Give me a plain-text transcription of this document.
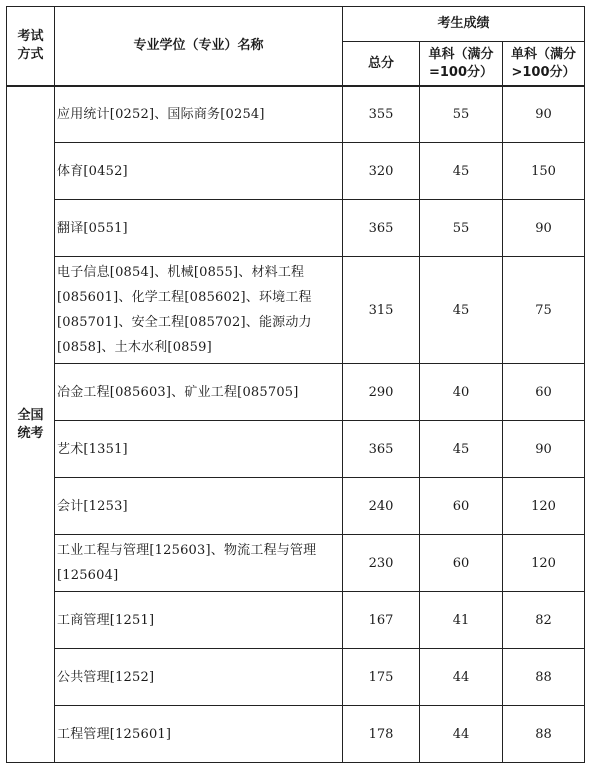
考试方式	专业学位（专业）名称	考生成绩		
		总分	单科（满分=100分）	单科（满分>100分）
全国统考	应用统计[0252]、国际商务[0254]	355	55	90
	体育[0452]	320	45	150
	翻译[0551]	365	55	90
	电子信息[0854]、机械[0855]、材料工程[085601]、化学工程[085602]、环境工程[085701]、安全工程[085702]、能源动力[0858]、土木水利[0859]	315	45	75
	冶金工程[085603]、矿业工程[085705]	290	40	60
	艺术[1351]	365	45	90
	会计[1253]	240	60	120
	工业工程与管理[125603]、物流工程与管理[125604]	230	60	120
	工商管理[1251]	167	41	82
	公共管理[1252]	175	44	88
	工程管理[125601]	178	44	88
